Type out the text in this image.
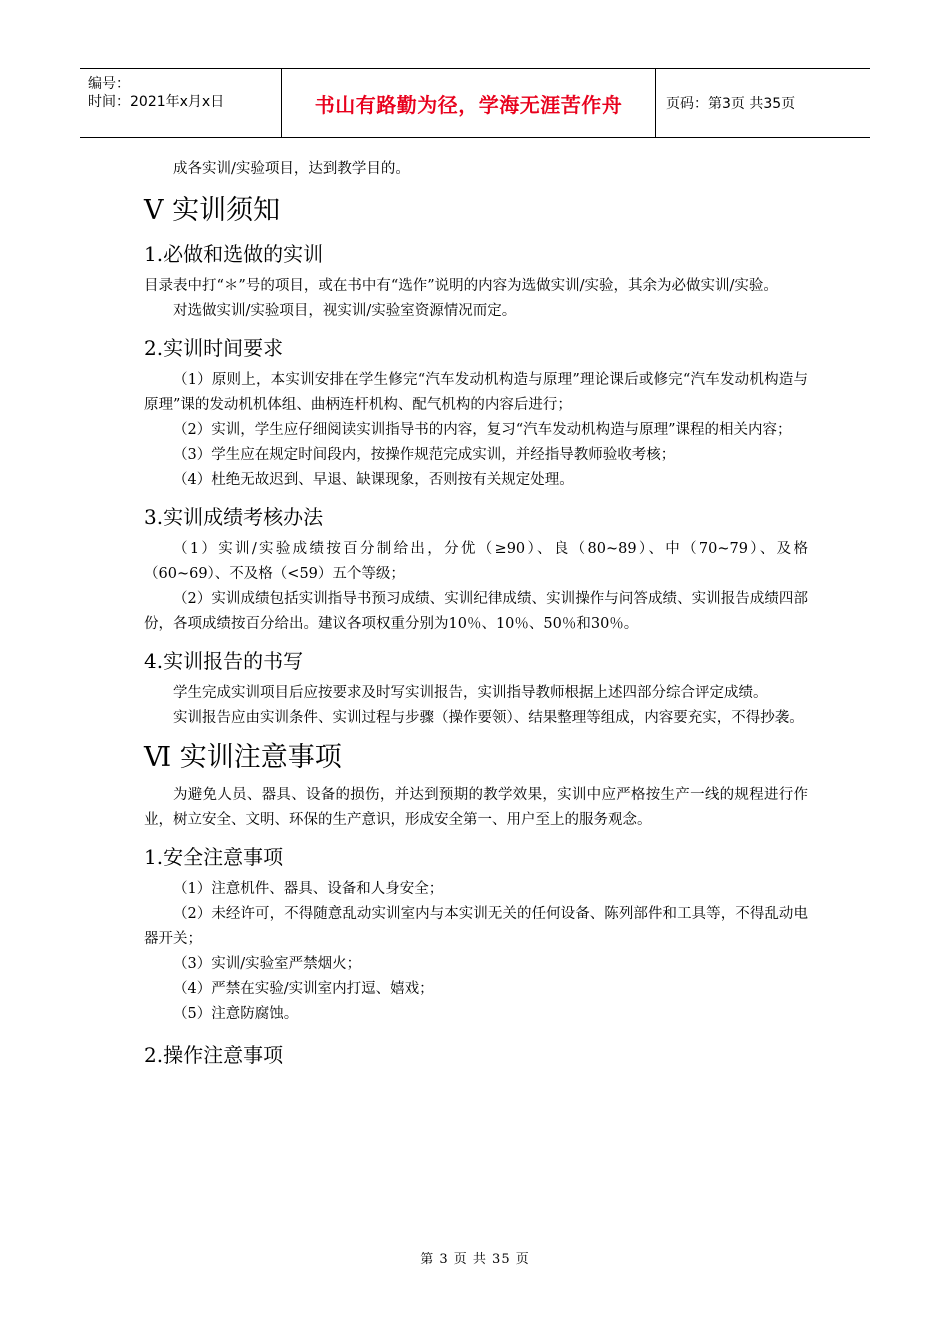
编号：
时间：2021年x月x日	书山有路勤为径，学海无涯苦作舟	页码：第3页 共35页

成各实训/实验项目，达到教学目的。

Ⅴ 实训须知
1.必做和选做的实训

目录表中打“＊”号的项目，或在书中有“选作”说明的内容为选做实训/实验，其余为必做实训/实验。

对选做实训/实验项目，视实训/实验室资源情况而定。

2.实训时间要求

（1）原则上，本实训安排在学生修完“汽车发动机构造与原理”理论课后或修完“汽车发动机构造与原理”课的发动机机体组、曲柄连杆机构、配气机构的内容后进行；

（2）实训，学生应仔细阅读实训指导书的内容，复习“汽车发动机构造与原理”课程的相关内容；

（3）学生应在规定时间段内，按操作规范完成实训，并经指导教师验收考核；

（4）杜绝无故迟到、早退、缺课现象，否则按有关规定处理。

3.实训成绩考核办法

（1）实训/实验成绩按百分制给出，分优（≥90）、良（80~89）、中（70~79）、及格（60~69）、不及格（<59）五个等级；

（2）实训成绩包括实训指导书预习成绩、实训纪律成绩、实训操作与问答成绩、实训报告成绩四部份，各项成绩按百分给出。建议各项权重分别为10％、10％、50％和30％。

4.实训报告的书写

学生完成实训项目后应按要求及时写实训报告，实训指导教师根据上述四部分综合评定成绩。

实训报告应由实训条件、实训过程与步骤（操作要领）、结果整理等组成，内容要充实，不得抄袭。

Ⅵ 实训注意事项

为避免人员、器具、设备的损伤，并达到预期的教学效果，实训中应严格按生产一线的规程进行作业，树立安全、文明、环保的生产意识，形成安全第一、用户至上的服务观念。

1.安全注意事项

（1）注意机件、器具、设备和人身安全；

（2）未经许可，不得随意乱动实训室内与本实训无关的任何设备、陈列部件和工具等，不得乱动电器开关；

（3）实训/实验室严禁烟火；

（4）严禁在实验/实训室内打逗、嬉戏；

（5）注意防腐蚀。

2.操作注意事项
第 3 页 共 35 页
